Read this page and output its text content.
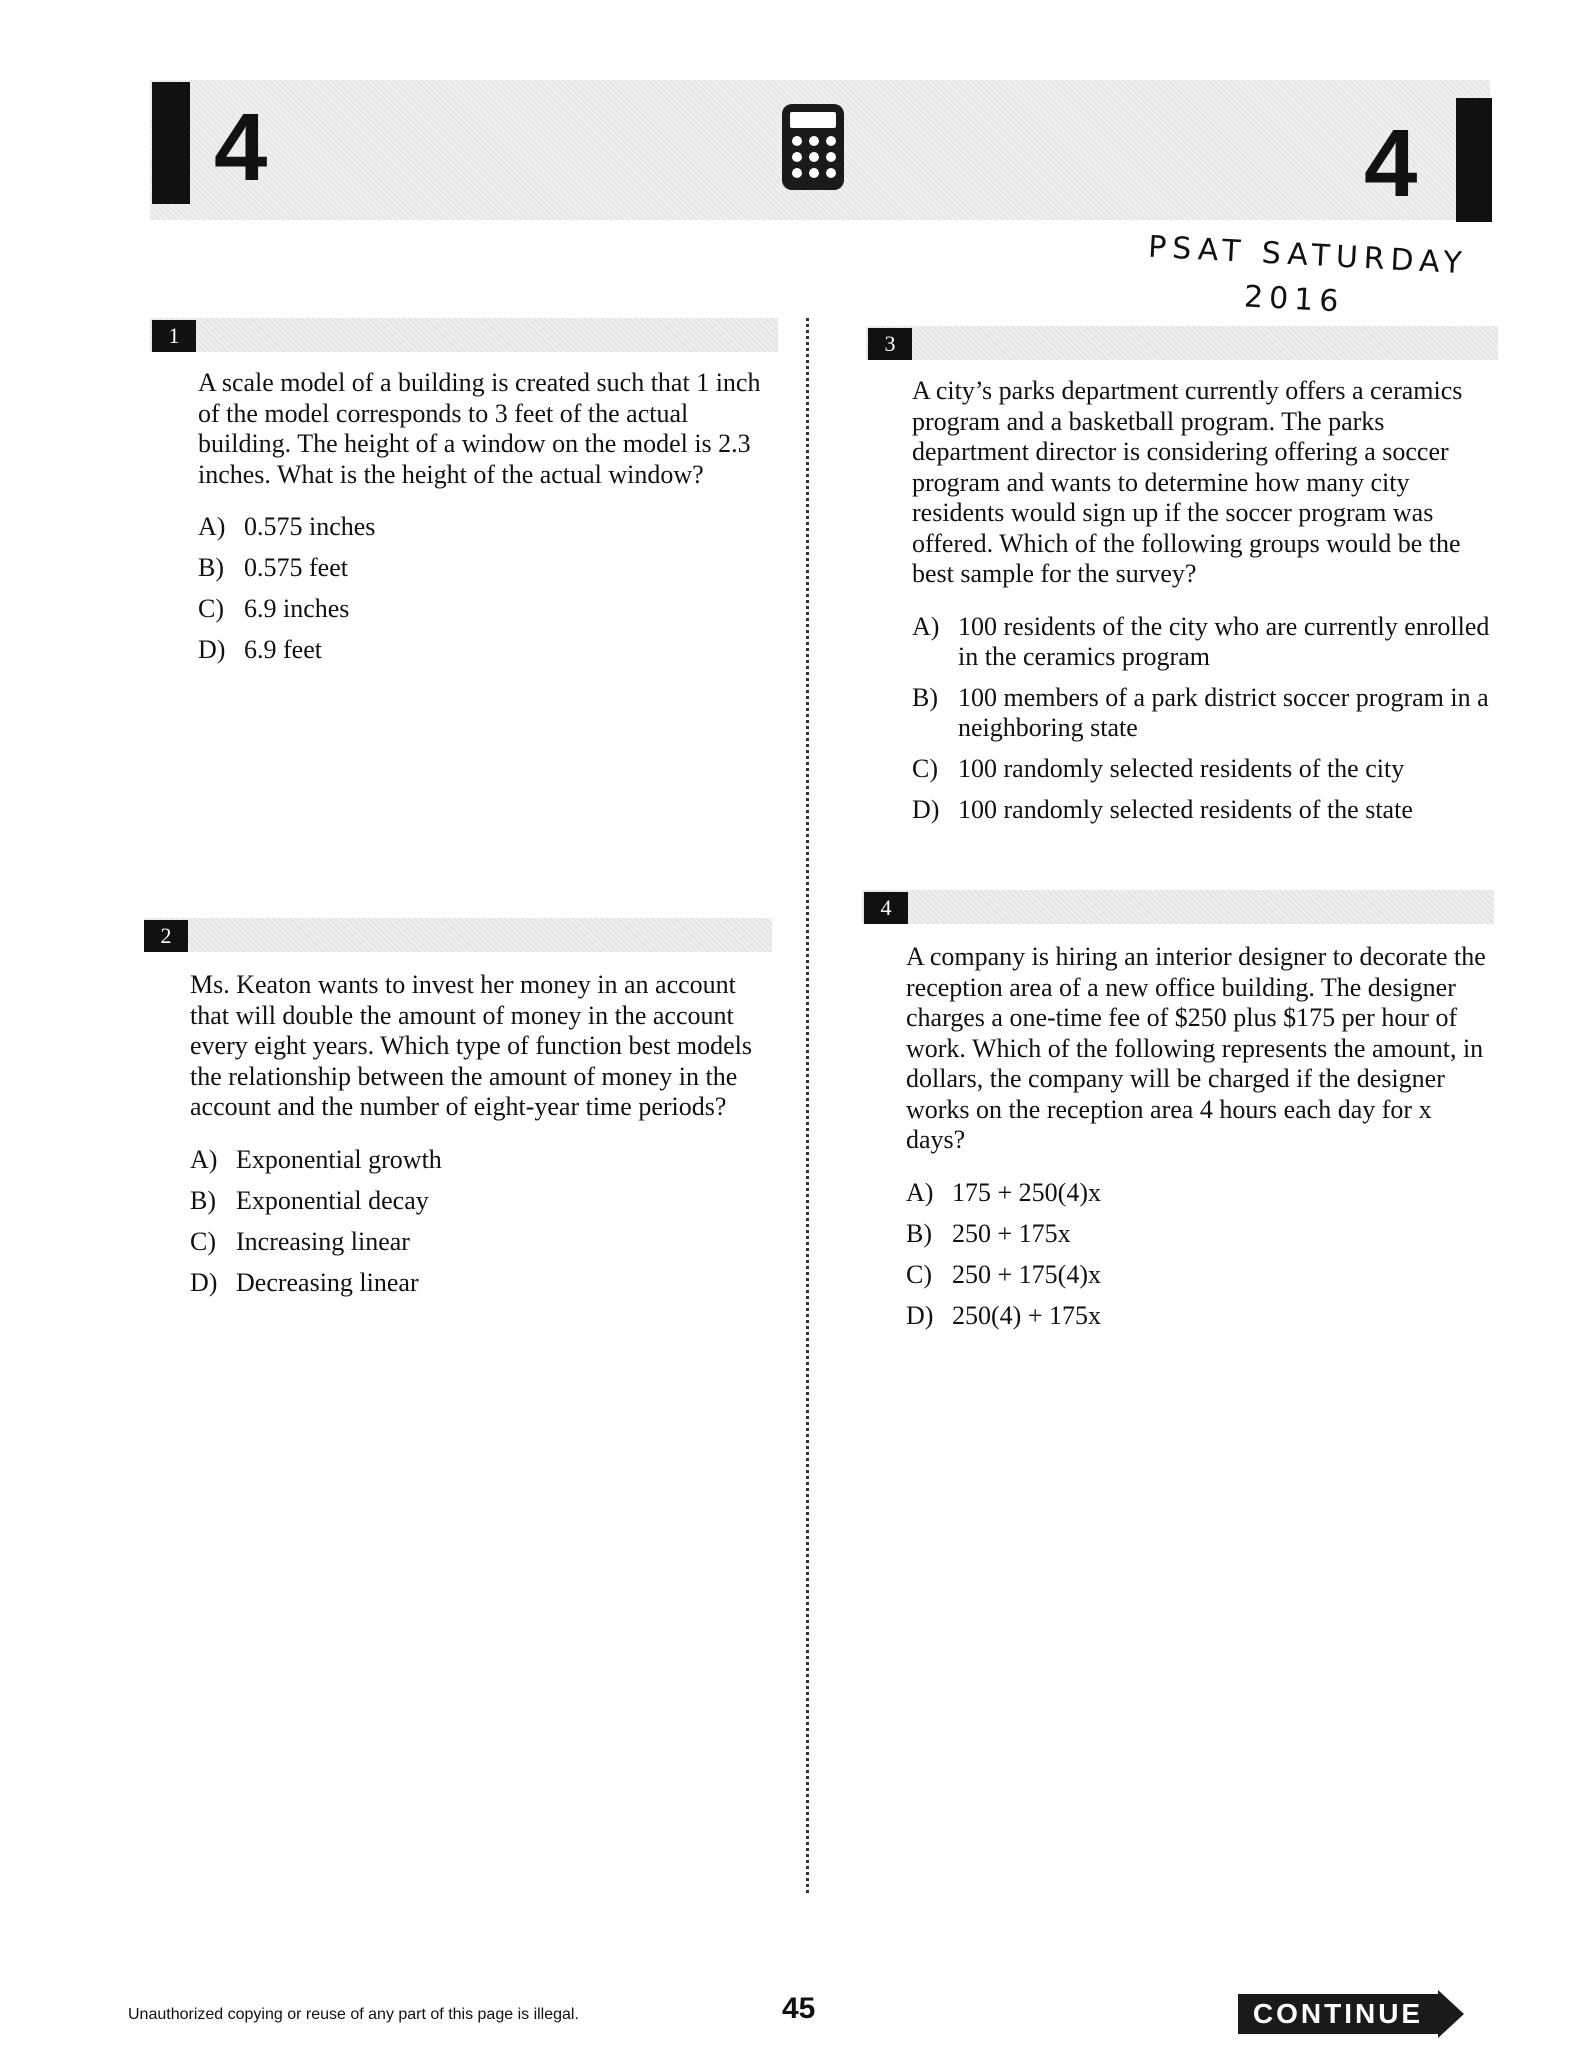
4	4
PSAT SATURDAY
2016
1

A scale model of a building is created such that 1 inch of the model corresponds to 3 feet of the actual building. The height of a window on the model is 2.3 inches. What is the height of the actual window?

A) 0.575 inches
B) 0.575 feet
C) 6.9 inches
D) 6.9 feet
2

Ms. Keaton wants to invest her money in an account that will double the amount of money in the account every eight years. Which type of function best models the relationship between the amount of money in the account and the number of eight-year time periods?

A) Exponential growth
B) Exponential decay
C) Increasing linear
D) Decreasing linear
3

A city’s parks department currently offers a ceramics program and a basketball program. The parks department director is considering offering a soccer program and wants to determine how many city residents would sign up if the soccer program was offered. Which of the following groups would be the best sample for the survey?

A) 100 residents of the city who are currently enrolled in the ceramics program
B) 100 members of a park district soccer program in a neighboring state
C) 100 randomly selected residents of the city
D) 100 randomly selected residents of the state
4

A company is hiring an interior designer to decorate the reception area of a new office building. The designer charges a one-time fee of $250 plus $175 per hour of work. Which of the following represents the amount, in dollars, the company will be charged if the designer works on the reception area 4 hours each day for x days?

A) 175 + 250(4)x
B) 250 + 175x
C) 250 + 175(4)x
D) 250(4) + 175x
Unauthorized copying or reuse of any part of this page is illegal.	45	CONTINUE
